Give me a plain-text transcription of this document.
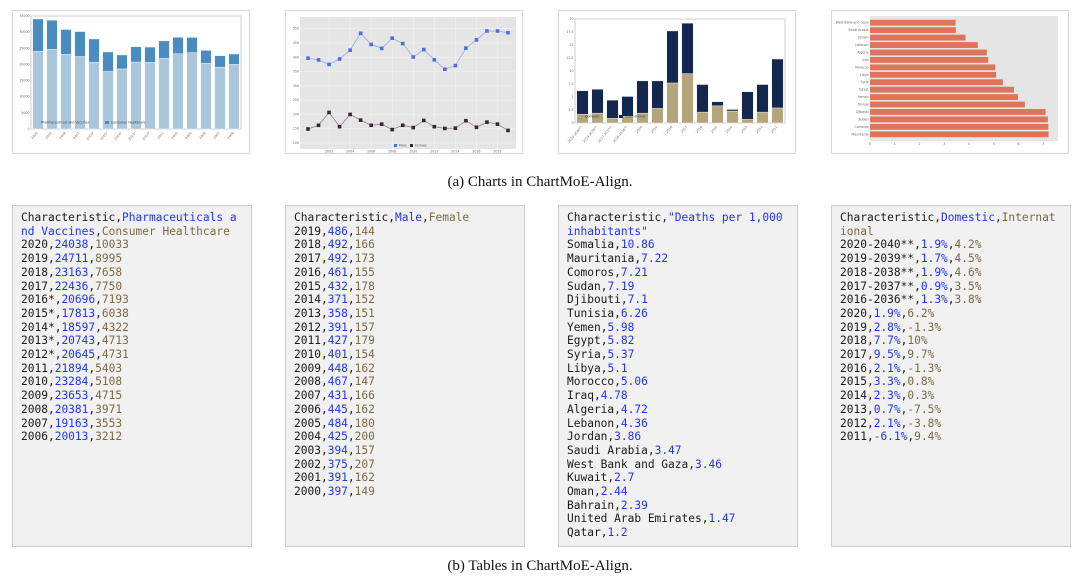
0
5000
10000
15000
20000
25000
30000
35000
2020 2019 2018 2017 2016* 2015* 2014* 2013* 2012* 2011 2010 2009 2008 2007 2006
Pharmaceuticals and Vaccines	Consumer Healthcare
100
150
200
250
300
350
400
450
500
2002	2004	2006	2008	2010	2012	2014	2016	2018
Male	Female
0
2.5
5
7.5
10
12.5
15
17.5
20
2020-2040**
2019-2039**
2017-2037**
2016-2036** 2020 2019 2018 2017 2016 2015 2014 2013 2012 2011
Domestic	International
West Bank and Gaza
Saudi Arabia
Jordan
Lebanon
Algeria
Iraq
Morocco
Libya
Syria
Egypt
Yemen
Tunisia
Djibouti
Sudan
Comoros
Mauritania
0	1	2	3	4	5	6	7
(a) Charts in ChartMoE-Align.
Characteristic,Pharmaceuticals and Vaccines,Consumer Healthcare
2020,24038,10033
2019,24711,8995
2018,23163,7658
2017,22436,7750
2016*,20696,7193
2015*,17813,6038
2014*,18597,4322
2013*,20743,4713
2012*,20645,4731
2011,21894,5403
2010,23284,5108
2009,23653,4715
2008,20381,3971
2007,19163,3553
2006,20013,3212
Characteristic,Male,Female
2019,486,144
2018,492,166
2017,492,173
2016,461,155
2015,432,178
2014,371,152
2013,358,151
2012,391,157
2011,427,179
2010,401,154
2009,448,162
2008,467,147
2007,431,166
2006,445,162
2005,484,180
2004,425,200
2003,394,157
2002,375,207
2001,391,162
2000,397,149
Characteristic,"Deaths per 1,000 inhabitants"
Somalia,10.86
Mauritania,7.22
Comoros,7.21
Sudan,7.19
Djibouti,7.1
Tunisia,6.26
Yemen,5.98
Egypt,5.82
Syria,5.37
Libya,5.1
Morocco,5.06
Iraq,4.78
Algeria,4.72
Lebanon,4.36
Jordan,3.86
Saudi Arabia,3.47
West Bank and Gaza,3.46
Kuwait,2.7
Oman,2.44
Bahrain,2.39
United Arab Emirates,1.47
Qatar,1.2
Characteristic,Domestic,International
2020-2040**,1.9%,4.2%
2019-2039**,1.7%,4.5%
2018-2038**,1.9%,4.6%
2017-2037**,0.9%,3.5%
2016-2036**,1.3%,3.8%
2020,1.9%,6.2%
2019,2.8%,-1.3%
2018,7.7%,10%
2017,9.5%,9.7%
2016,2.1%,-1.3%
2015,3.3%,0.8%
2014,2.3%,0.3%
2013,0.7%,-7.5%
2012,2.1%,-3.8%
2011,-6.1%,9.4%
(b) Tables in ChartMoE-Align.
